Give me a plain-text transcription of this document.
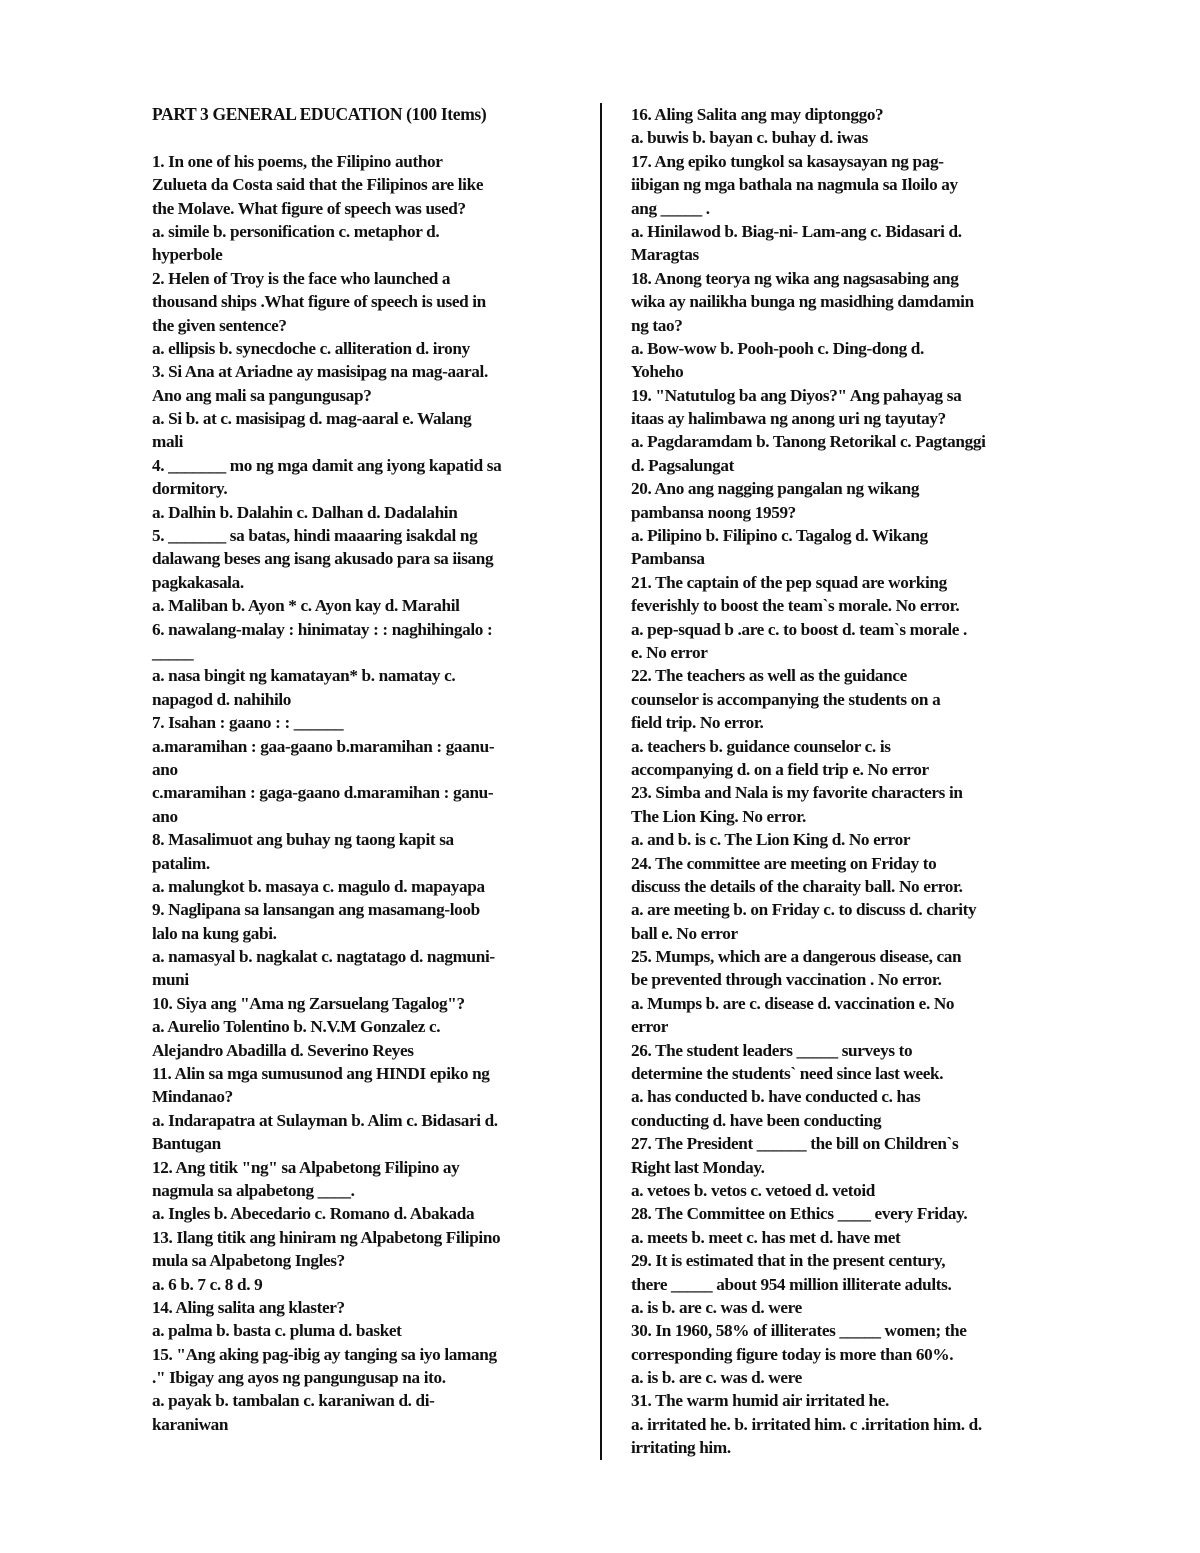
PART 3 GENERAL EDUCATION (100 Items)
1. In one of his poems, the Filipino author
Zulueta da Costa said that the Filipinos are like
the Molave. What figure of speech was used?
a. simile b. personification c. metaphor d.
hyperbole
2. Helen of Troy is the face who launched a
thousand ships .What figure of speech is used in
the given sentence?
a. ellipsis b. synecdoche c. alliteration d. irony
3. Si Ana at Ariadne ay masisipag na mag-aaral.
Ano ang mali sa pangungusap?
a. Si b. at c. masisipag d. mag-aaral e. Walang
mali
4. _______ mo ng mga damit ang iyong kapatid sa
dormitory.
a. Dalhin b. Dalahin c. Dalhan d. Dadalahin
5. _______ sa batas, hindi maaaring isakdal ng
dalawang beses ang isang akusado para sa iisang
pagkakasala.
a. Maliban b. Ayon * c. Ayon kay d. Marahil
6. nawalang-malay : hinimatay : : naghihingalo :
_____
a. nasa bingit ng kamatayan* b. namatay c.
napagod d. nahihilo
7. Isahan : gaano : : ______
a.maramihan : gaa-gaano b.maramihan : gaanu-
ano
c.maramihan : gaga-gaano d.maramihan : ganu-
ano
8. Masalimuot ang buhay ng taong kapit sa
patalim.
a. malungkot b. masaya c. magulo d. mapayapa
9. Naglipana sa lansangan ang masamang-loob
lalo na kung gabi.
a. namasyal b. nagkalat c. nagtatago d. nagmuni-
muni
10. Siya ang "Ama ng Zarsuelang Tagalog"?
a. Aurelio Tolentino b. N.V.M Gonzalez c.
Alejandro Abadilla d. Severino Reyes
11. Alin sa mga sumusunod ang HINDI epiko ng
Mindanao?
a. Indarapatra at Sulayman b. Alim c. Bidasari d.
Bantugan
12. Ang titik "ng" sa Alpabetong Filipino ay
nagmula sa alpabetong ____.
a. Ingles b. Abecedario c. Romano d. Abakada
13. Ilang titik ang hiniram ng Alpabetong Filipino
mula sa Alpabetong Ingles?
a. 6 b. 7 c. 8 d. 9
14. Aling salita ang klaster?
a. palma b. basta c. pluma d. basket
15. "Ang aking pag-ibig ay tanging sa iyo lamang
." Ibigay ang ayos ng pangungusap na ito.
a. payak b. tambalan c. karaniwan d. di-
karaniwan
16. Aling Salita ang may diptonggo?
a. buwis b. bayan c. buhay d. iwas
17. Ang epiko tungkol sa kasaysayan ng pag-
iibigan ng mga bathala na nagmula sa Iloilo ay
ang _____ .
a. Hinilawod b. Biag-ni- Lam-ang c. Bidasari d.
Maragtas
18. Anong teorya ng wika ang nagsasabing ang
wika ay nailikha bunga ng masidhing damdamin
ng tao?
a. Bow-wow b. Pooh-pooh c. Ding-dong d.
Yoheho
19. "Natutulog ba ang Diyos?" Ang pahayag sa
itaas ay halimbawa ng anong uri ng tayutay?
a. Pagdaramdam b. Tanong Retorikal c. Pagtanggi
d. Pagsalungat
20. Ano ang nagging pangalan ng wikang
pambansa noong 1959?
a. Pilipino b. Filipino c. Tagalog d. Wikang
Pambansa
21. The captain of the pep squad are working
feverishly to boost the team`s morale. No error.
a. pep-squad b .are c. to boost d. team`s morale .
e. No error
22. The teachers as well as the guidance
counselor is accompanying the students on a
field trip. No error.
a. teachers b. guidance counselor c. is
accompanying d. on a field trip e. No error
23. Simba and Nala is my favorite characters in
The Lion King. No error.
a. and b. is c. The Lion King d. No error
24. The committee are meeting on Friday to
discuss the details of the charaity ball. No error.
a. are meeting b. on Friday c. to discuss d. charity
ball e. No error
25. Mumps, which are a dangerous disease, can
be prevented through vaccination . No error.
a. Mumps b. are c. disease d. vaccination e. No
error
26. The student leaders _____ surveys to
determine the students` need since last week.
a. has conducted b. have conducted c. has
conducting d. have been conducting
27. The President ______ the bill on Children`s
Right last Monday.
a. vetoes b. vetos c. vetoed d. vetoid
28. The Committee on Ethics ____ every Friday.
a. meets b. meet c. has met d. have met
29. It is estimated that in the present century,
there _____ about 954 million illiterate adults.
a. is b. are c. was d. were
30. In 1960, 58% of illiterates _____ women; the
corresponding figure today is more than 60%.
a. is b. are c. was d. were
31. The warm humid air irritated he.
a. irritated he. b. irritated him. c .irritation him. d.
irritating him.
